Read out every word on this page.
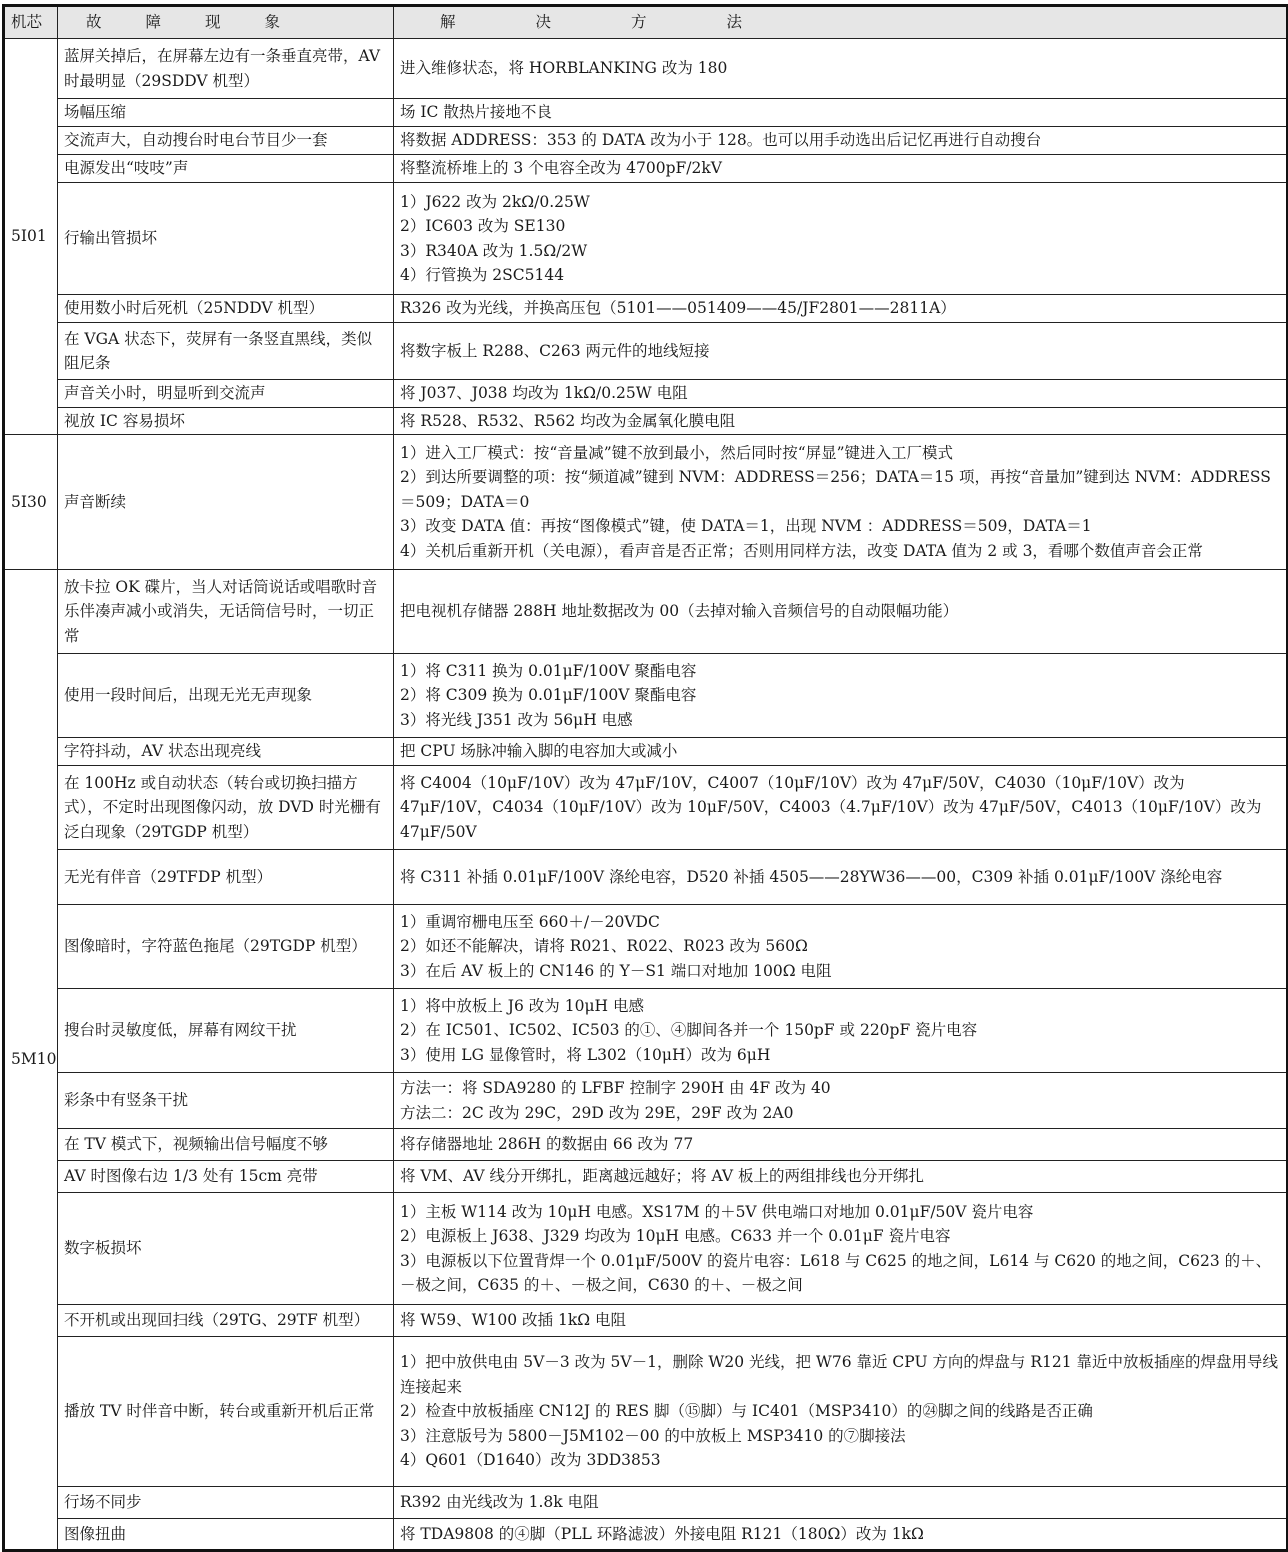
机芯	故 障 现 象	解 决 方 法
5I01	蓝屏关掉后，在屏幕左边有一条垂直亮带，AV 时最明显（29SDDV 机型）	进入维修状态，将 HORBLANKING 改为 180

	场幅压缩	场 IC 散热片接地不良

	交流声大，自动搜台时电台节目少一套	将数据 ADDRESS：353 的 DATA 改为小于 128。也可以用手动选出后记忆再进行自动搜台

	电源发出“吱吱”声	将整流桥堆上的 3 个电容全改为 4700pF/2kV

	行输出管损坏	1）J622 改为 2kΩ/0.25W
2）IC603 改为 SE130
3）R340A 改为 1.5Ω/2W
4）行管换为 2SC5144

	使用数小时后死机（25NDDV 机型）	R326 改为光线，并换高压包（5101——051409——45/JF2801——2811A）

	在 VGA 状态下，荧屏有一条竖直黑线，类似阻尼条	将数字板上 R288、C263 两元件的地线短接

	声音关小时，明显听到交流声	将 J037、J038 均改为 1kΩ/0.25W 电阻

	视放 IC 容易损坏	将 R528、R532、R562 均改为金属氧化膜电阻

5I30	声音断续	1）进入工厂模式：按“音量减”键不放到最小，然后同时按“屏显”键进入工厂模式
2）到达所要调整的项：按“频道减”键到 NVM：ADDRESS＝256；DATA＝15 项，再按“音量加”键到达 NVM：ADDRESS
＝509；DATA＝0
3）改变 DATA 值：再按“图像模式”键，使 DATA＝1，出现 NVM ：ADDRESS＝509，DATA＝1
4）关机后重新开机（关电源），看声音是否正常；否则用同样方法，改变 DATA 值为 2 或 3，看哪个数值声音会正常

5M10	放卡拉 OK 碟片，当人对话筒说话或唱歌时音乐伴凑声减小或消失，无话筒信号时，一切正常	把电视机存储器 288H 地址数据改为 00（去掉对输入音频信号的自动限幅功能）

	使用一段时间后，出现无光无声现象	1）将 C311 换为 0.01μF/100V 聚酯电容
2）将 C309 换为 0.01μF/100V 聚酯电容
3）将光线 J351 改为 56μH 电感

	字符抖动，AV 状态出现亮线	把 CPU 场脉冲输入脚的电容加大或减小

	在 100Hz 或自动状态（转台或切换扫描方式），不定时出现图像闪动，放 DVD 时光栅有泛白现象（29TGDP 机型）	将 C4004（10μF/10V）改为 47μF/10V，C4007（10μF/10V）改为 47μF/50V，C4030（10μF/10V）改为 47μF/10V，C4034（10μF/10V）改为 10μF/50V，C4003（4.7μF/10V）改为 47μF/50V，C4013（10μF/10V）改为 47μF/50V

	无光有伴音（29TFDP 机型）	将 C311 补插 0.01μF/100V 涤纶电容，D520 补插 4505——28YW36——00，C309 补插 0.01μF/100V 涤纶电容

	图像暗时，字符蓝色拖尾（29TGDP 机型）	1）重调帘栅电压至 660＋/－20VDC
2）如还不能解决，请将 R021、R022、R023 改为 560Ω
3）在后 AV 板上的 CN146 的 Y－S1 端口对地加 100Ω 电阻

	搜台时灵敏度低，屏幕有网纹干扰	1）将中放板上 J6 改为 10μH 电感
2）在 IC501、IC502、IC503 的①、④脚间各并一个 150pF 或 220pF 瓷片电容
3）使用 LG 显像管时，将 L302（10μH）改为 6μH

	彩条中有竖条干扰	方法一：将 SDA9280 的 LFBF 控制字 290H 由 4F 改为 40
方法二：2C 改为 29C，29D 改为 29E，29F 改为 2A0

	在 TV 模式下，视频输出信号幅度不够	将存储器地址 286H 的数据由 66 改为 77

	AV 时图像右边 1/3 处有 15cm 亮带	将 VM、AV 线分开绑扎，距离越远越好；将 AV 板上的两组排线也分开绑扎

	数字板损坏	1）主板 W114 改为 10μH 电感。XS17M 的＋5V 供电端口对地加 0.01μF/50V 瓷片电容
2）电源板上 J638、J329 均改为 10μH 电感。C633 并一个 0.01μF 瓷片电容
3）电源板以下位置背焊一个 0.01μF/500V 的瓷片电容：L618 与 C625 的地之间，L614 与 C620 的地之间，C623 的＋、－极之间，C635 的＋、－极之间，C630 的＋、－极之间

	不开机或出现回扫线（29TG、29TF 机型）	将 W59、W100 改插 1kΩ 电阻

	播放 TV 时伴音中断，转台或重新开机后正常	1）把中放供电由 5V－3 改为 5V－1，删除 W20 光线，把 W76 靠近 CPU 方向的焊盘与 R121 靠近中放板插座的焊盘用导线连接起来
2）检查中放板插座 CN12J 的 RES 脚（⑮脚）与 IC401（MSP3410）的㉔脚之间的线路是否正确
3）注意版号为 5800－J5M102－00 的中放板上 MSP3410 的⑦脚接法
4）Q601（D1640）改为 3DD3853

	行场不同步	R392 由光线改为 1.8k 电阻

	图像扭曲	将 TDA9808 的④脚（PLL 环路滤波）外接电阻 R121（180Ω）改为 1kΩ
